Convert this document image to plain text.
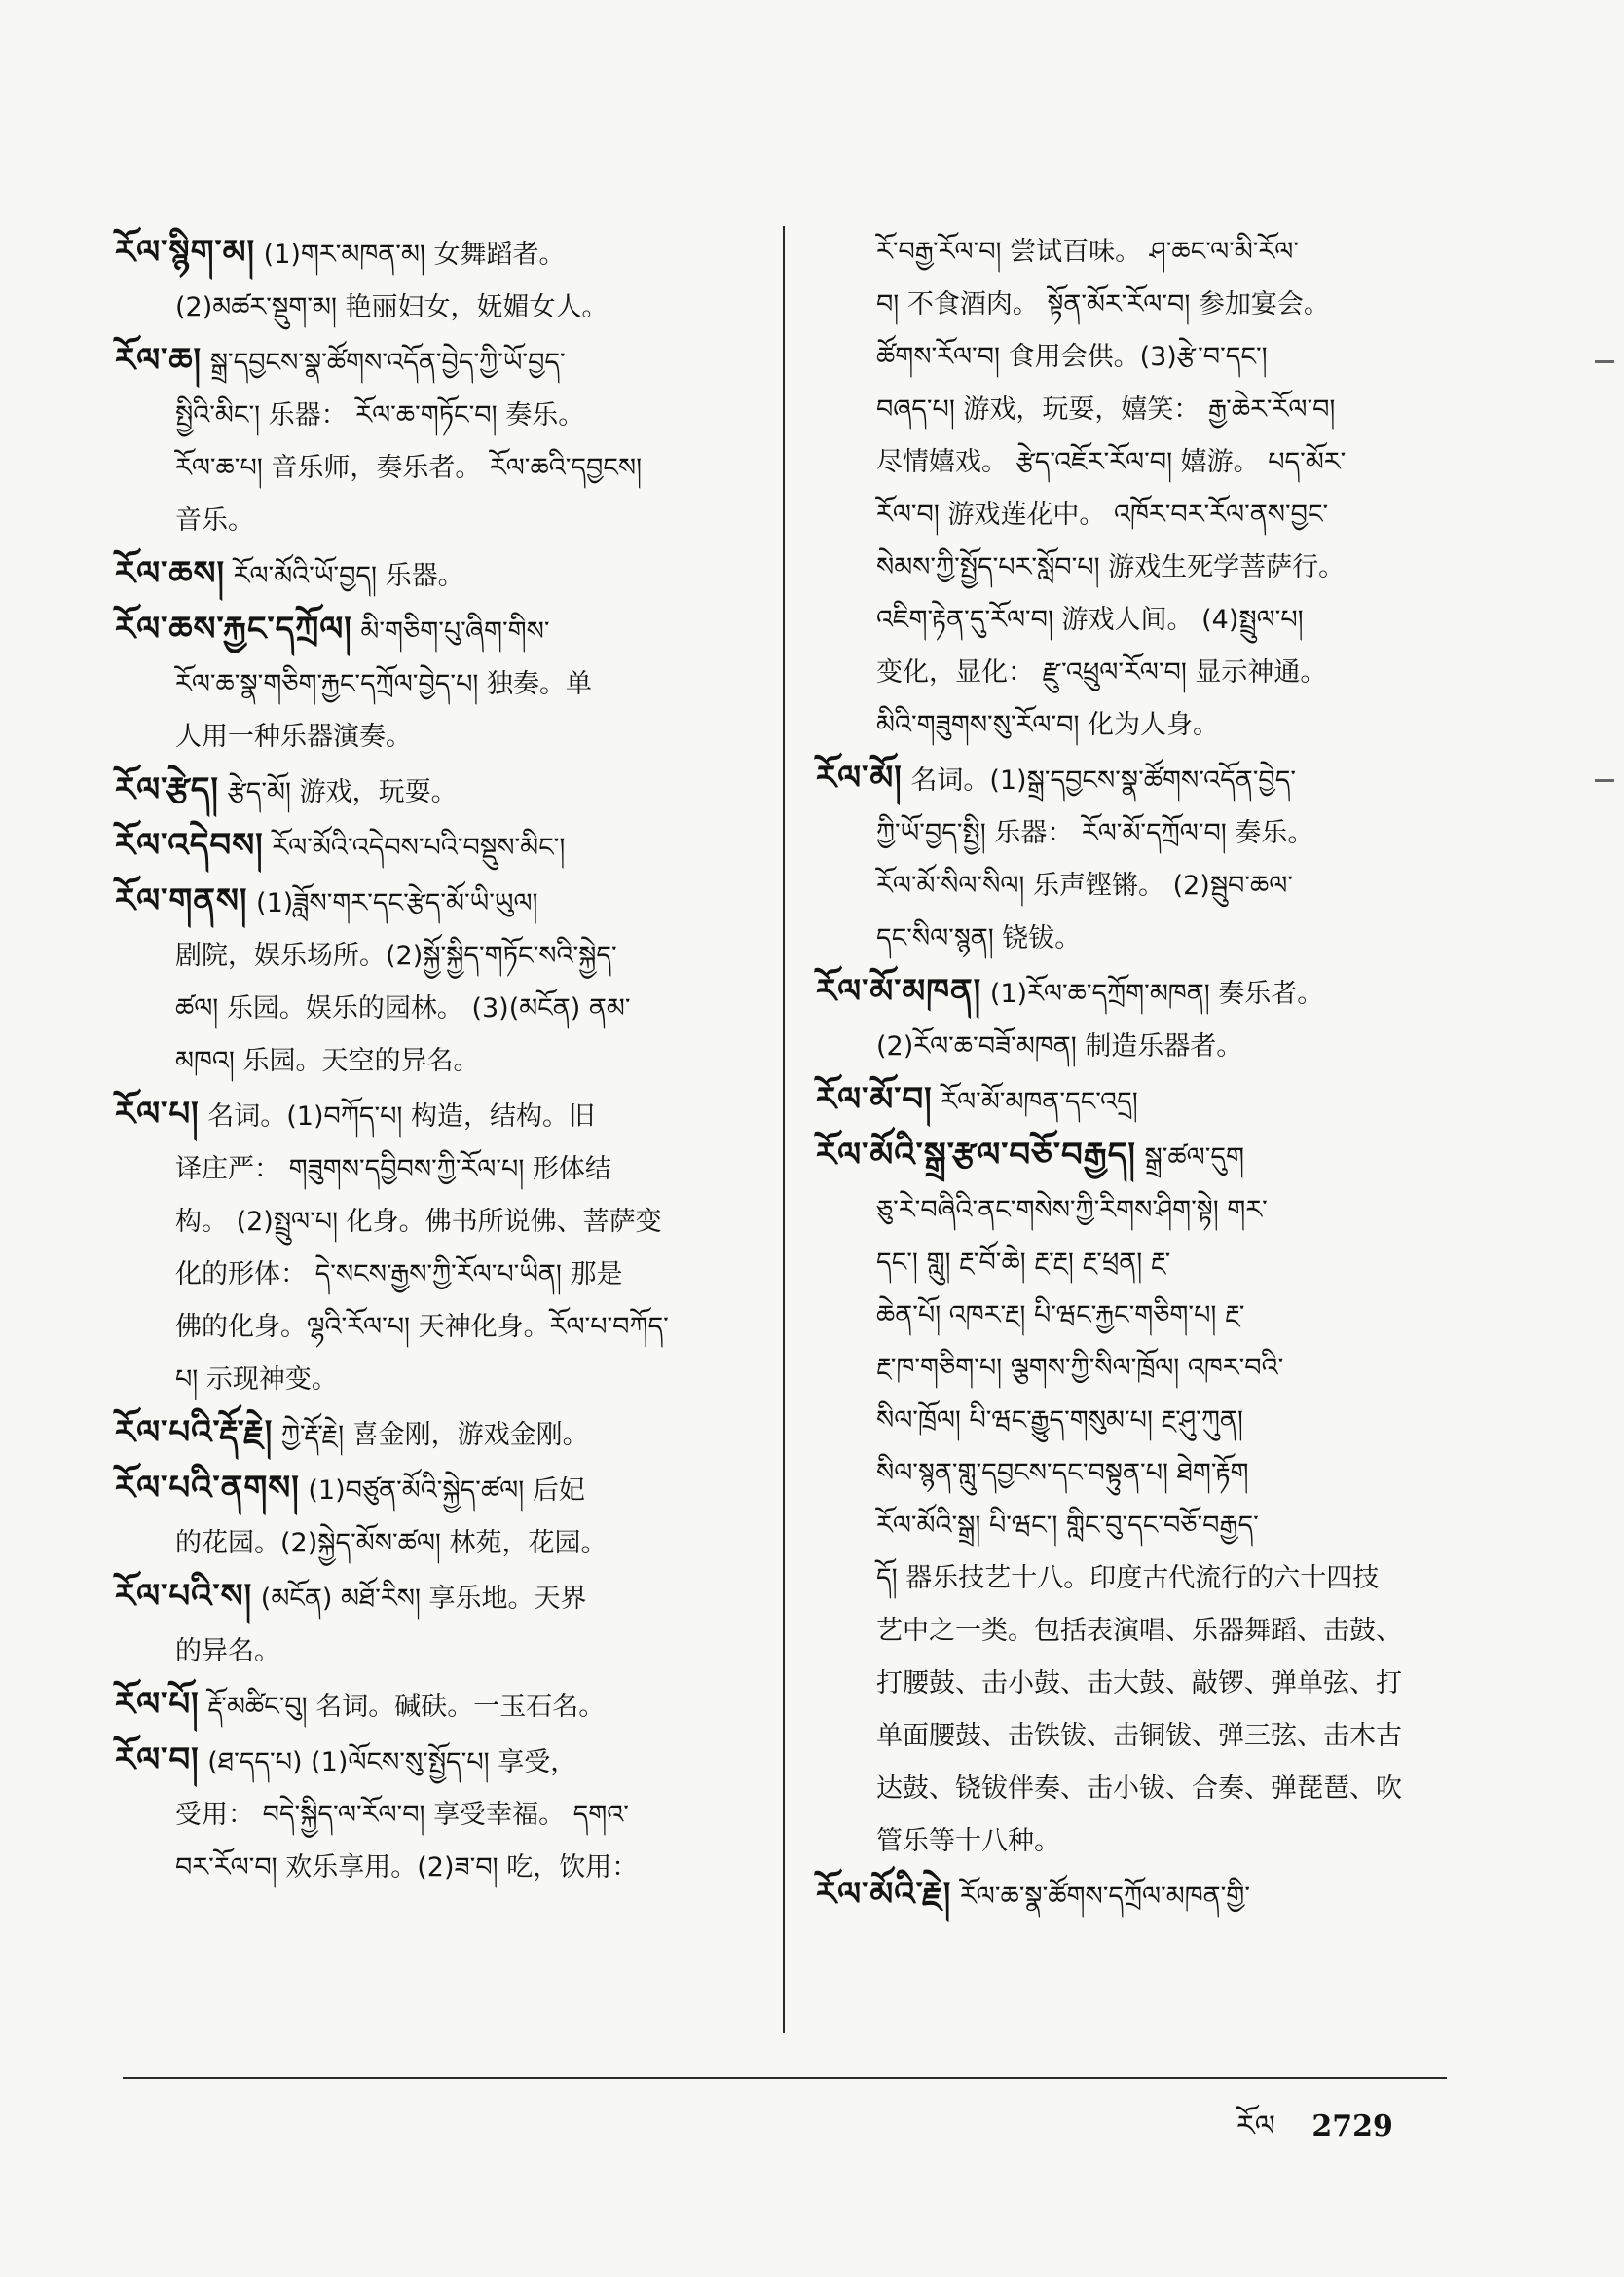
རོལ་སྙིག་མ། (1)གར་མཁན་མ། 女舞蹈者。

(2)མཚར་སྡུག་མ། 艳丽妇女，妩媚女人。

རོལ་ཆ། སྒྲ་དབྱངས་སྣ་ཚོགས་འདོན་བྱེད་ཀྱི་ཡོ་བྱད་

སྤྱིའི་མིང་། 乐器： རོལ་ཆ་གཏོང་བ། 奏乐。

རོལ་ཆ་པ། 音乐师，奏乐者。 རོལ་ཆའི་དབྱངས།

音乐。

རོལ་ཆས། རོལ་མོའི་ཡོ་བྱད། 乐器。

རོལ་ཆས་རྐྱང་དཀྲོལ། མི་གཅིག་པུ་ཞིག་གིས་

རོལ་ཆ་སྣ་གཅིག་རྐྱང་དཀྲོལ་བྱེད་པ། 独奏。单

人用一种乐器演奏。

རོལ་རྩེད། རྩེད་མོ། 游戏，玩耍。

རོལ་འདེབས། རོལ་མོའི་འདེབས་པའི་བསྡུས་མིང་།

རོལ་གནས། (1)ཟློས་གར་དང་རྩེད་མོ་ཡི་ཡུལ།

剧院，娱乐场所。(2)སྐྱོ་སྐྱིད་གཏོང་སའི་སྐྱེད་

ཚལ། 乐园。娱乐的园林。 (3)(མངོན) ནམ་

མཁའ། 乐园。天空的异名。

རོལ་པ། 名词。(1)བཀོད་པ། 构造，结构。旧

译庄严： གཟུགས་དབྱིབས་ཀྱི་རོལ་པ། 形体结

构。 (2)སྤྲུལ་པ། 化身。佛书所说佛、菩萨变

化的形体： དེ་སངས་རྒྱས་ཀྱི་རོལ་པ་ཡིན། 那是

佛的化身。ལྷའི་རོལ་པ། 天神化身。རོལ་པ་བཀོད་

པ། 示现神变。

རོལ་པའི་རྡོ་རྗེ། ཀྱེ་རྡོ་རྗེ། 喜金刚，游戏金刚。

རོལ་པའི་ནགས། (1)བཙུན་མོའི་སྐྱེད་ཚལ། 后妃

的花园。(2)སྐྱེད་མོས་ཚལ། 林苑，花园。

རོལ་པའི་ས། (མངོན) མཐོ་རིས། 享乐地。天界

的异名。

རོལ་པོ། རྡོ་མཚིང་བུ། 名词。碱砆。一玉石名。

རོལ་བ། (ཐ་དད་པ) (1)ལོངས་སུ་སྤྱོད་པ། 享受，

受用： བདེ་སྐྱིད་ལ་རོལ་བ། 享受幸福。 དགའ་

བར་རོལ་བ། 欢乐享用。(2)ཟ་བ། 吃，饮用：

རོ་བརྒྱ་རོལ་བ། 尝试百味。 ཤ་ཆང་ལ་མི་རོལ་

བ། 不食酒肉。 སྟོན་མོར་རོལ་བ། 参加宴会。

ཚོགས་རོལ་བ། 食用会供。(3)རྩེ་བ་དང་།

བཞད་པ། 游戏，玩耍，嬉笑： རྒྱ་ཆེར་རོལ་བ།

尽情嬉戏。 རྩེད་འཇོར་རོལ་བ། 嬉游。 པད་མོར་

རོལ་བ། 游戏莲花中。 འཁོར་བར་རོལ་ནས་བྱང་

སེམས་ཀྱི་སྤྱོད་པར་སློབ་པ། 游戏生死学菩萨行。

འཇིག་རྟེན་དུ་རོལ་བ། 游戏人间。 (4)སྤྲུལ་པ།

变化，显化： རྫུ་འཕྲུལ་རོལ་བ། 显示神通。

མིའི་གཟུགས་སུ་རོལ་བ། 化为人身。

རོལ་མོ། 名词。(1)སྒྲ་དབྱངས་སྣ་ཚོགས་འདོན་བྱེད་

ཀྱི་ཡོ་བྱད་སྤྱི། 乐器： རོལ་མོ་དཀྲོལ་བ། 奏乐。

རོལ་མོ་སིལ་སིལ། 乐声铿锵。 (2)སྦུབ་ཆལ་

དང་སིལ་སྙན། 铙钹。

རོལ་མོ་མཁན། (1)རོལ་ཆ་དཀྲོག་མཁན། 奏乐者。

(2)རོལ་ཆ་བཟོ་མཁན། 制造乐器者。

རོལ་མོ་བ། རོལ་མོ་མཁན་དང་འདྲ།

རོལ་མོའི་སྒྲ་རྩལ་བཅོ་བརྒྱད། སྒྲ་ཚལ་དུག

ཅུ་རེ་བཞིའི་ནང་གསེས་ཀྱི་རིགས་ཤིག་སྟེ། གར་

དང་། གླུ། རྔ་བོ་ཆེ། རྔ་རྔ། རྔ་ཕྲན། རྔ་

ཆེན་པོ། འཁར་རྔ། པི་ཝང་རྐྱང་གཅིག་པ། རྔ་

རྔ་ཁ་གཅིག་པ། ལྕགས་ཀྱི་སིལ་ཁྲོལ། འཁར་བའི་

སིལ་ཁྲོལ། པི་ཝང་རྒྱུད་གསུམ་པ། རྔ་ཤུ་ཀུན།

སིལ་སྙན་གླུ་དབྱངས་དང་བསྟུན་པ། ཐེག་རྟོག

རོལ་མོའི་སྒྲ། པི་ཝང་། གླིང་བུ་དང་བཅོ་བརྒྱད་

དོ། 器乐技艺十八。印度古代流行的六十四技

艺中之一类。包括表演唱、乐器舞蹈、击鼓、

打腰鼓、击小鼓、击大鼓、敲锣、弹单弦、打

单面腰鼓、击铁钹、击铜钹、弹三弦、击木古

达鼓、铙钹伴奏、击小钹、合奏、弹琵琶、吹

管乐等十八种。

རོལ་མོའི་རྗེ། རོལ་ཆ་སྣ་ཚོགས་དཀྲོལ་མཁན་གྱི་

རོལ 2729
